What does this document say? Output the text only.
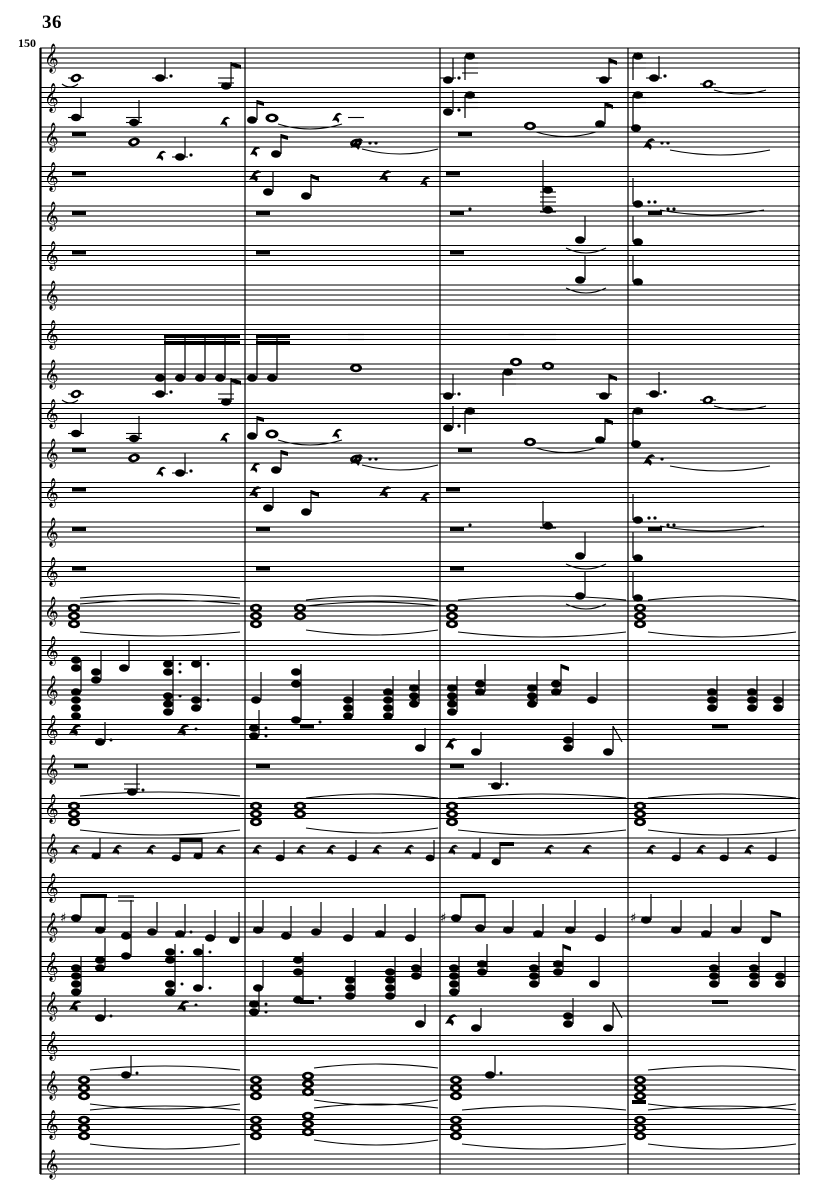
36
150 𝄞
𝄞
𝄞
𝄞
𝄞
𝄞
𝄞
𝄞
𝄞
𝄞
𝄞
𝄞
𝄞
𝄞
𝄞
𝄞
𝄞
𝄞
𝄞
𝄞
𝄞
𝄞
𝄞
𝄞
𝄞
𝄞
𝄞
𝄞
𝄞
♯	♯	♯
